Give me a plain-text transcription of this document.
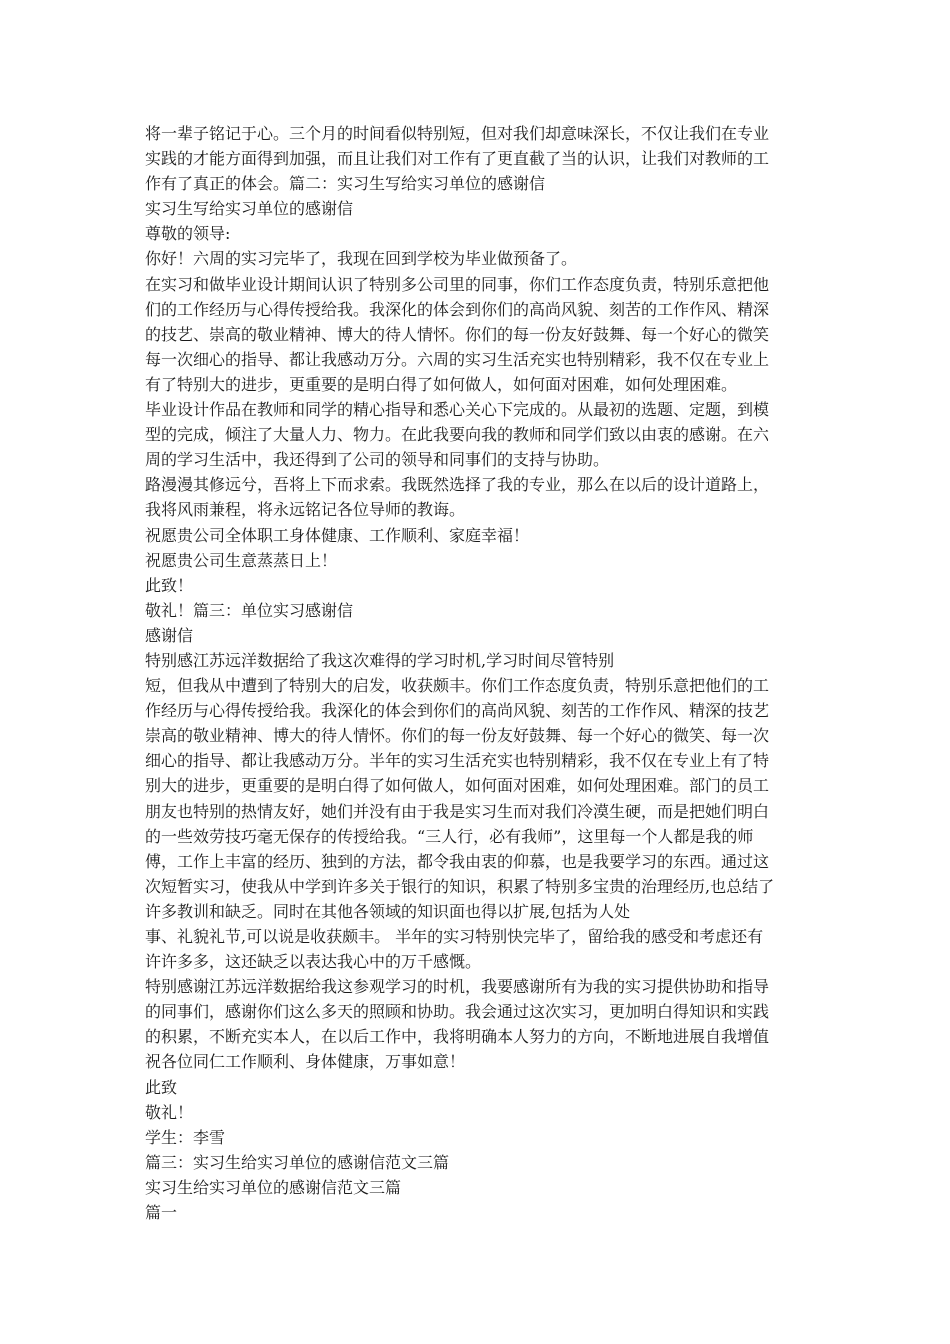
将一辈子铭记于心。三个月的时间看似特别短，但对我们却意味深长，不仅让我们在专业
实践的才能方面得到加强，而且让我们对工作有了更直截了当的认识，让我们对教师的工
作有了真正的体会。篇二：实习生写给实习单位的感谢信
实习生写给实习单位的感谢信
尊敬的领导:
你好！六周的实习完毕了，我现在回到学校为毕业做预备了。
在实习和做毕业设计期间认识了特别多公司里的同事，你们工作态度负责，特别乐意把他
们的工作经历与心得传授给我。我深化的体会到你们的高尚风貌、刻苦的工作作风、精深
的技艺、崇高的敬业精神、博大的待人情怀。你们的每一份友好鼓舞、每一个好心的微笑
每一次细心的指导、都让我感动万分。六周的实习生活充实也特别精彩，我不仅在专业上
有了特别大的进步，更重要的是明白得了如何做人，如何面对困难，如何处理困难。
毕业设计作品在教师和同学的精心指导和悉心关心下完成的。从最初的选题、定题，到模
型的完成，倾注了大量人力、物力。在此我要向我的教师和同学们致以由衷的感谢。在六
周的学习生活中，我还得到了公司的领导和同事们的支持与协助。
路漫漫其修远兮，吾将上下而求索。我既然选择了我的专业，那么在以后的设计道路上，
我将风雨兼程，将永远铭记各位导师的教诲。
祝愿贵公司全体职工身体健康、工作顺利、家庭幸福！
祝愿贵公司生意蒸蒸日上！
此致！
敬礼！篇三：单位实习感谢信
感谢信
特别感江苏远洋数据给了我这次难得的学习时机,学习时间尽管特别
短，但我从中遭到了特别大的启发，收获颇丰。你们工作态度负责，特别乐意把他们的工
作经历与心得传授给我。我深化的体会到你们的高尚风貌、刻苦的工作作风、精深的技艺
崇高的敬业精神、博大的待人情怀。你们的每一份友好鼓舞、每一个好心的微笑、每一次
细心的指导、都让我感动万分。半年的实习生活充实也特别精彩，我不仅在专业上有了特
别大的进步，更重要的是明白得了如何做人，如何面对困难，如何处理困难。部门的员工
朋友也特别的热情友好，她们并没有由于我是实习生而对我们冷漠生硬，而是把她们明白
的一些效劳技巧毫无保存的传授给我。“三人行，必有我师”，这里每一个人都是我的师
傅，工作上丰富的经历、独到的方法，都令我由衷的仰慕，也是我要学习的东西。通过这
次短暂实习，使我从中学到许多关于银行的知识，积累了特别多宝贵的治理经历,也总结了
许多教训和缺乏。同时在其他各领域的知识面也得以扩展,包括为人处
事、礼貌礼节,可以说是收获颇丰。 半年的实习特别快完毕了，留给我的感受和考虑还有
许许多多，这还缺乏以表达我心中的万千感慨。
特别感谢江苏远洋数据给我这参观学习的时机，我要感谢所有为我的实习提供协助和指导
的同事们，感谢你们这么多天的照顾和协助。我会通过这次实习，更加明白得知识和实践
的积累，不断充实本人，在以后工作中，我将明确本人努力的方向，不断地进展自我增值
祝各位同仁工作顺利、身体健康，万事如意！
此致
敬礼！
学生：李雪
篇三：实习生给实习单位的感谢信范文三篇
实习生给实习单位的感谢信范文三篇
篇一
